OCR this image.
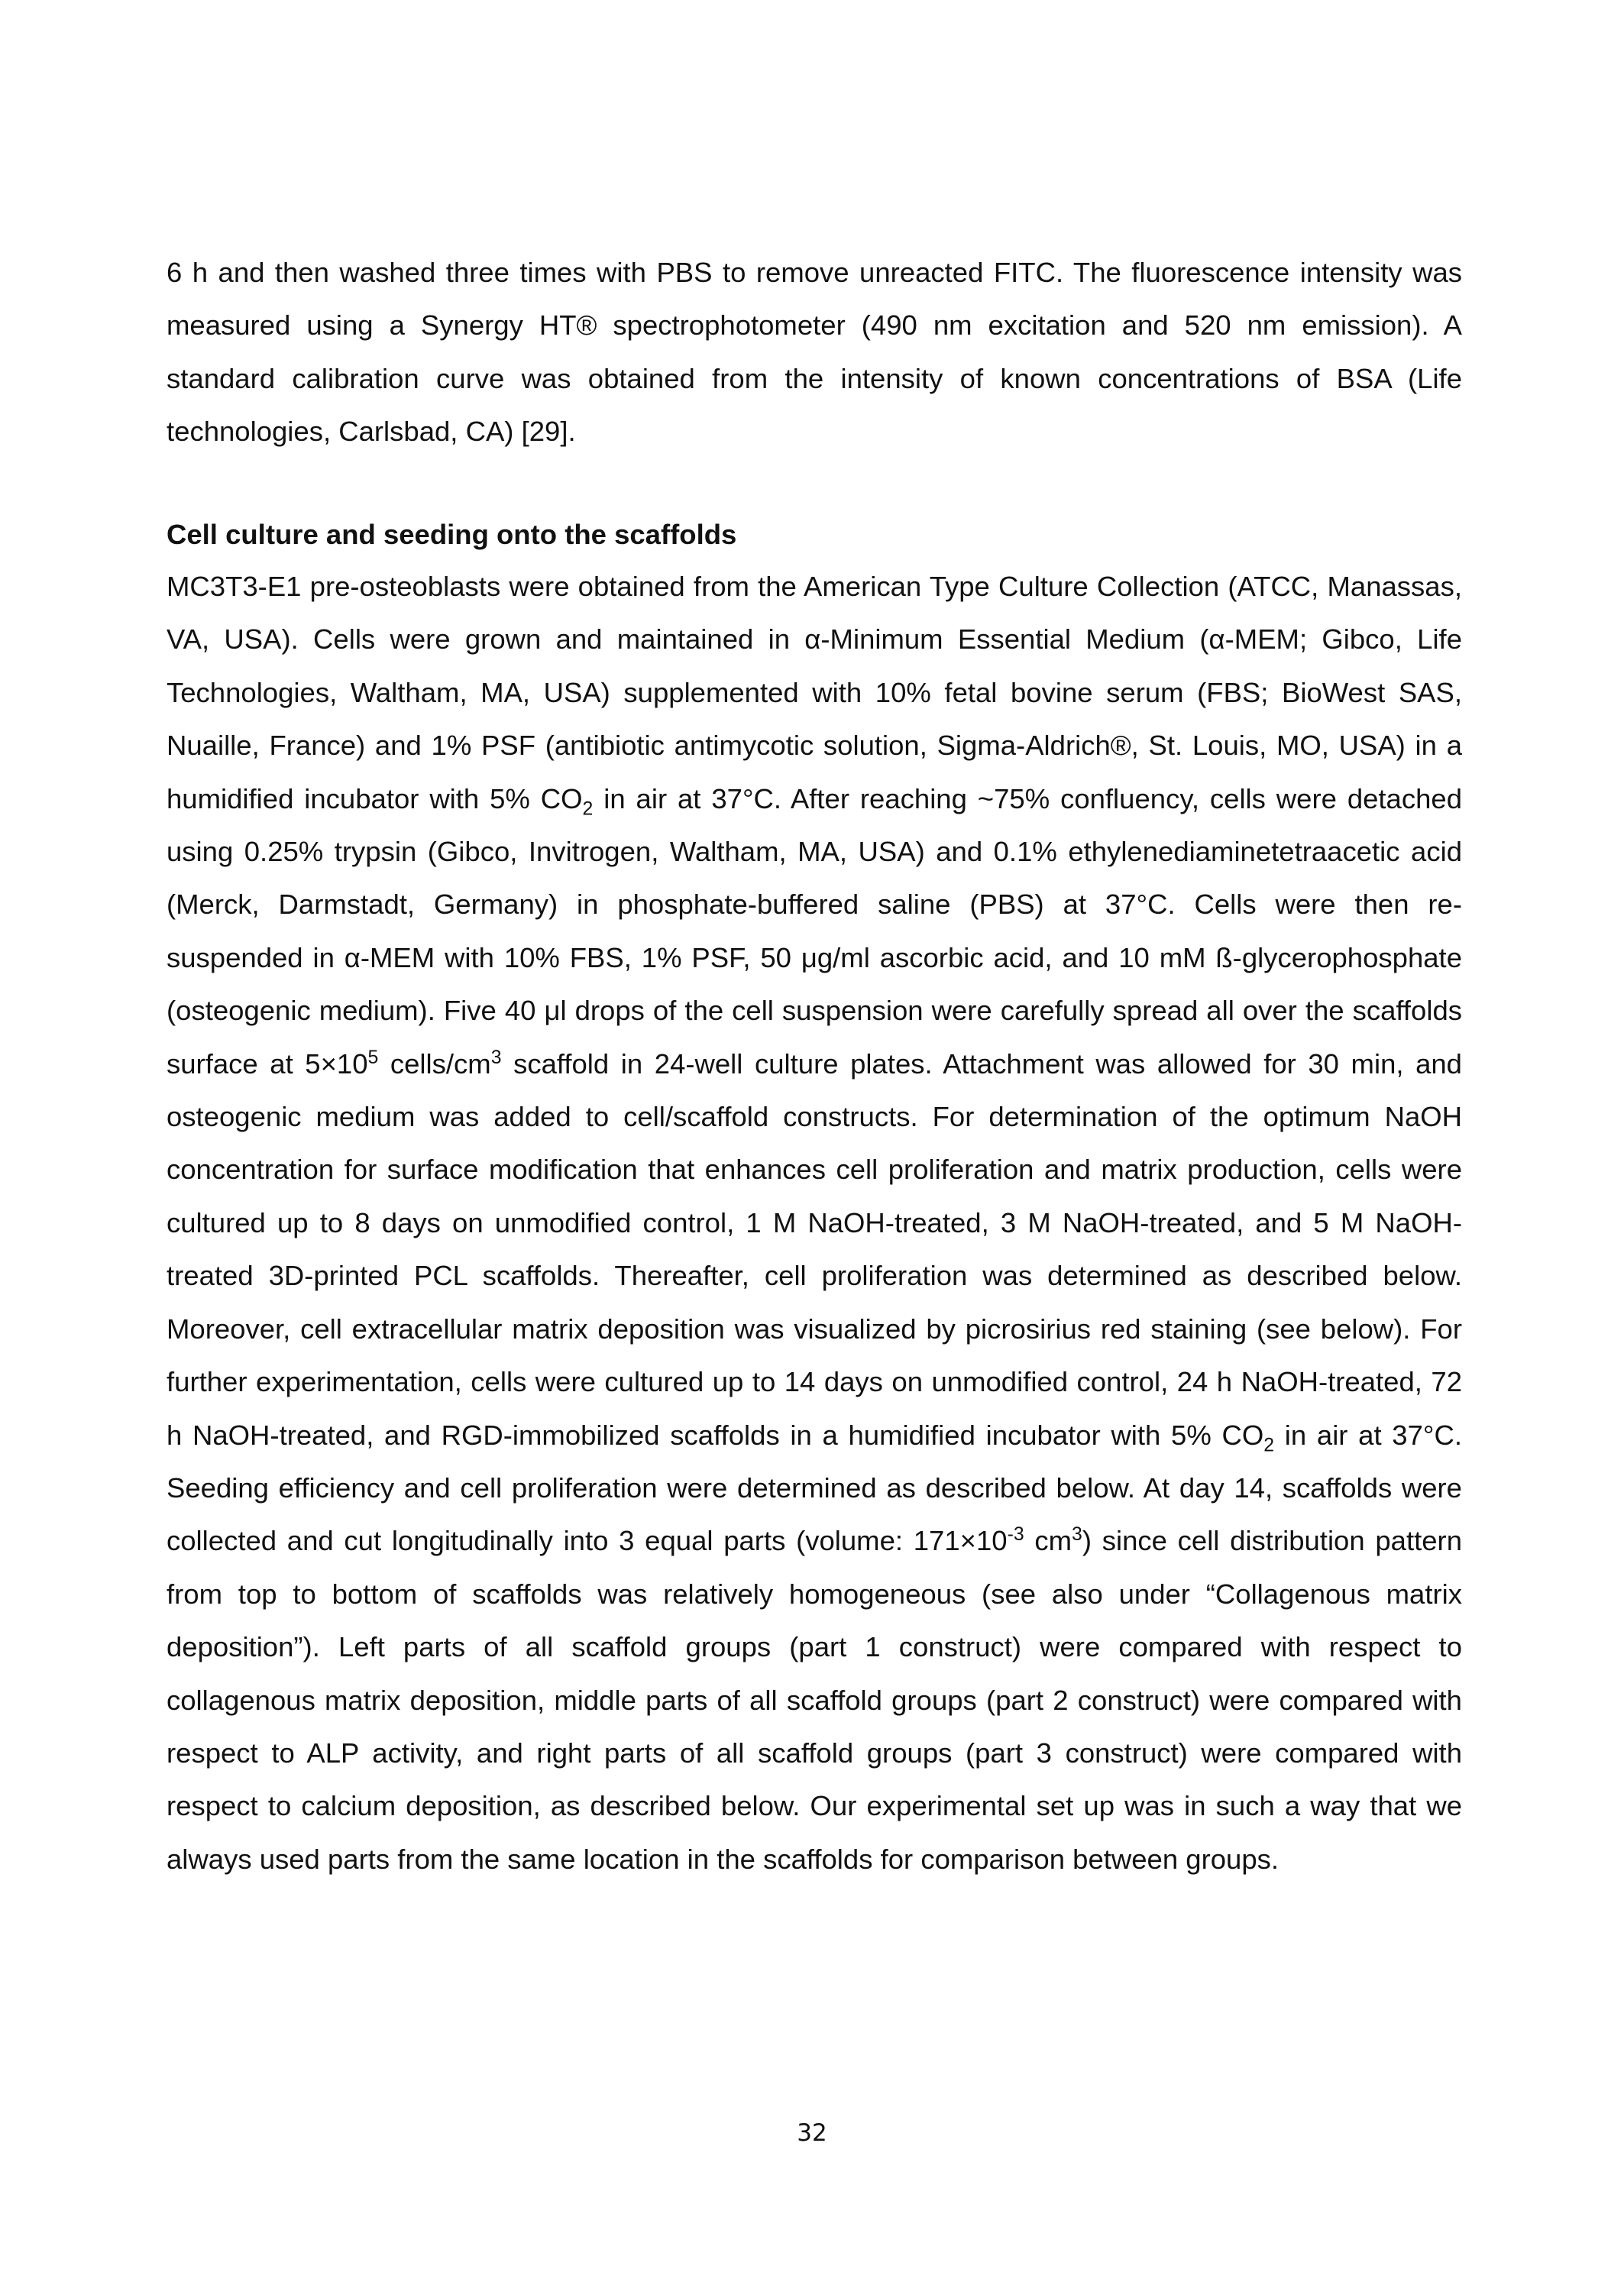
6 h and then washed three times with PBS to remove unreacted FITC. The fluorescence intensity was measured using a Synergy HT® spectrophotometer (490 nm excitation and 520 nm emission). A standard calibration curve was obtained from the intensity of known concentrations of BSA (Life technologies, Carlsbad, CA) [29].

Cell culture and seeding onto the scaffolds

MC3T3-E1 pre-osteoblasts were obtained from the American Type Culture Collection (ATCC, Manassas, VA, USA). Cells were grown and maintained in α-Minimum Essential Medium (α-MEM; Gibco, Life Technologies, Waltham, MA, USA) supplemented with 10% fetal bovine serum (FBS; BioWest SAS, Nuaille, France) and 1% PSF (antibiotic antimycotic solution, Sigma-Aldrich®, St. Louis, MO, USA) in a humidified incubator with 5% $CO_2$ in air at 37°C. After reaching ~75% confluency, cells were detached using 0.25% trypsin (Gibco, Invitrogen, Waltham, MA, USA) and 0.1% ethylenediaminetetraacetic acid (Merck, Darmstadt, Germany) in phosphate-buffered saline (PBS) at 37°C. Cells were then re-suspended in α-MEM with 10% FBS, 1% PSF, 50 μg/ml ascorbic acid, and 10 mM ß-glycerophosphate (osteogenic medium). Five 40 μl drops of the cell suspension were carefully spread all over the scaffolds surface at $5\times 10^5$ cells/$cm^3$ scaffold in 24-well culture plates. Attachment was allowed for 30 min, and osteogenic medium was added to cell/scaffold constructs. For determination of the optimum NaOH concentration for surface modification that enhances cell proliferation and matrix production, cells were cultured up to 8 days on unmodified control, 1 M NaOH-treated, 3 M NaOH-treated, and 5 M NaOH-treated 3D-printed PCL scaffolds. Thereafter, cell proliferation was determined as described below. Moreover, cell extracellular matrix deposition was visualized by picrosirius red staining (see below). For further experimentation, cells were cultured up to 14 days on unmodified control, 24 h NaOH-treated, 72 h NaOH-treated, and RGD-immobilized scaffolds in a humidified incubator with 5% $CO_2$ in air at 37°C. Seeding efficiency and cell proliferation were determined as described below. At day 14, scaffolds were collected and cut longitudinally into 3 equal parts (volume: $171\times 10^{-3}$ $cm^3$) since cell distribution pattern from top to bottom of scaffolds was relatively homogeneous (see also under “Collagenous matrix deposition”). Left parts of all scaffold groups (part 1 construct) were compared with respect to collagenous matrix deposition, middle parts of all scaffold groups (part 2 construct) were compared with respect to ALP activity, and right parts of all scaffold groups (part 3 construct) were compared with respect to calcium deposition, as described below. Our experimental set up was in such a way that we always used parts from the same location in the scaffolds for comparison between groups.

32
